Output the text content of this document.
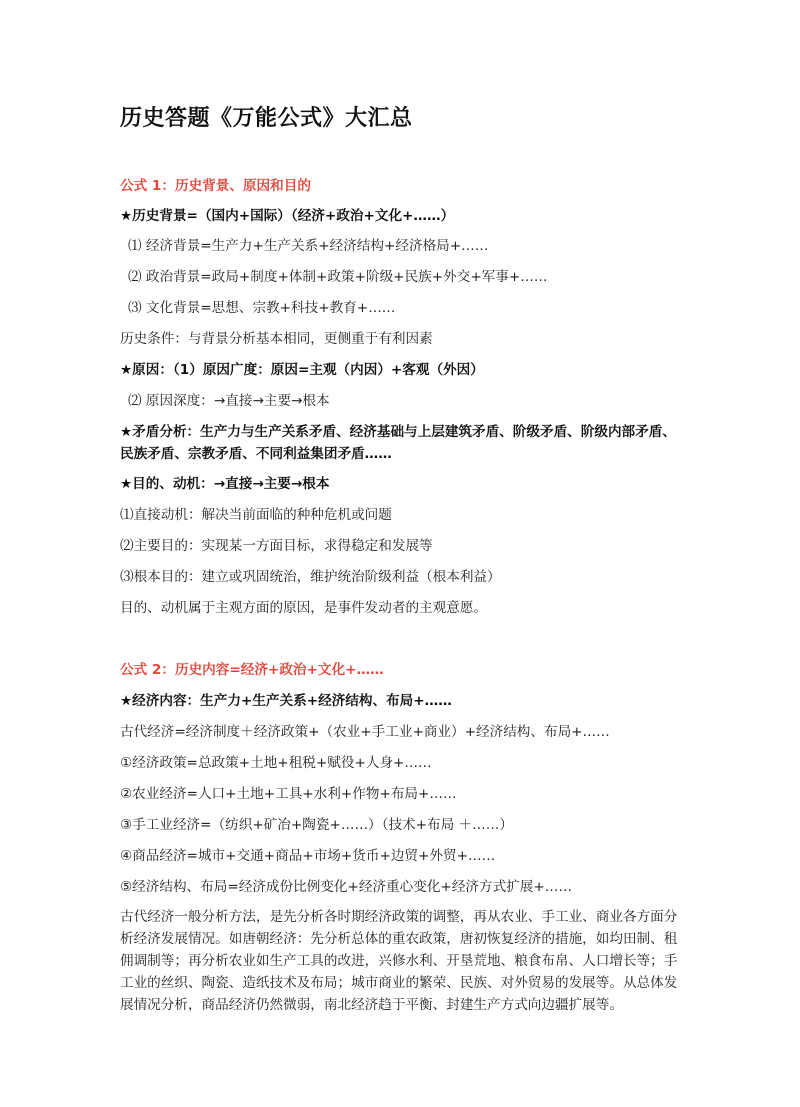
历史答题《万能公式》大汇总
公式 1：历史背景、原因和目的
★历史背景=（国内+国际）（经济+政治+文化+……）
⑴ 经济背景=生产力+生产关系+经济结构+经济格局+……
⑵ 政治背景=政局+制度+体制+政策+阶级+民族+外交+军事+……
⑶ 文化背景=思想、宗教+科技+教育+……
历史条件：与背景分析基本相同，更侧重于有利因素
★原因：（1）原因广度：原因=主观（内因）+客观（外因）
⑵ 原因深度：→直接→主要→根本
★矛盾分析：生产力与生产关系矛盾、经济基础与上层建筑矛盾、阶级矛盾、阶级内部矛盾、民族矛盾、宗教矛盾、不同利益集团矛盾……
★目的、动机：→直接→主要→根本
⑴直接动机：解决当前面临的种种危机或问题
⑵主要目的：实现某一方面目标，求得稳定和发展等
⑶根本目的：建立或巩固统治，维护统治阶级利益（根本利益）
目的、动机属于主观方面的原因，是事件发动者的主观意愿。
公式 2：历史内容=经济+政治+文化+……
★经济内容：生产力+生产关系+经济结构、布局+……
古代经济=经济制度＋经济政策+（农业+手工业+商业）+经济结构、布局+……
①经济政策=总政策+土地+租税+赋役+人身+……
②农业经济=人口+土地+工具+水利+作物+布局+……
③手工业经济=（纺织+矿冶+陶瓷+……）（技术+布局 ＋……）
④商品经济=城市+交通+商品+市场+货币+边贸+外贸+……
⑤经济结构、布局=经济成份比例变化+经济重心变化+经济方式扩展+……
古代经济一般分析方法，是先分析各时期经济政策的调整，再从农业、手工业、商业各方面分析经济发展情况。如唐朝经济：先分析总体的重农政策，唐初恢复经济的措施，如均田制、租佣调制等；再分析农业如生产工具的改进，兴修水利、开垦荒地、粮食布帛、人口增长等；手工业的丝织、陶瓷、造纸技术及布局；城市商业的繁荣、民族、对外贸易的发展等。从总体发展情况分析，商品经济仍然微弱，南北经济趋于平衡、封建生产方式向边疆扩展等。
